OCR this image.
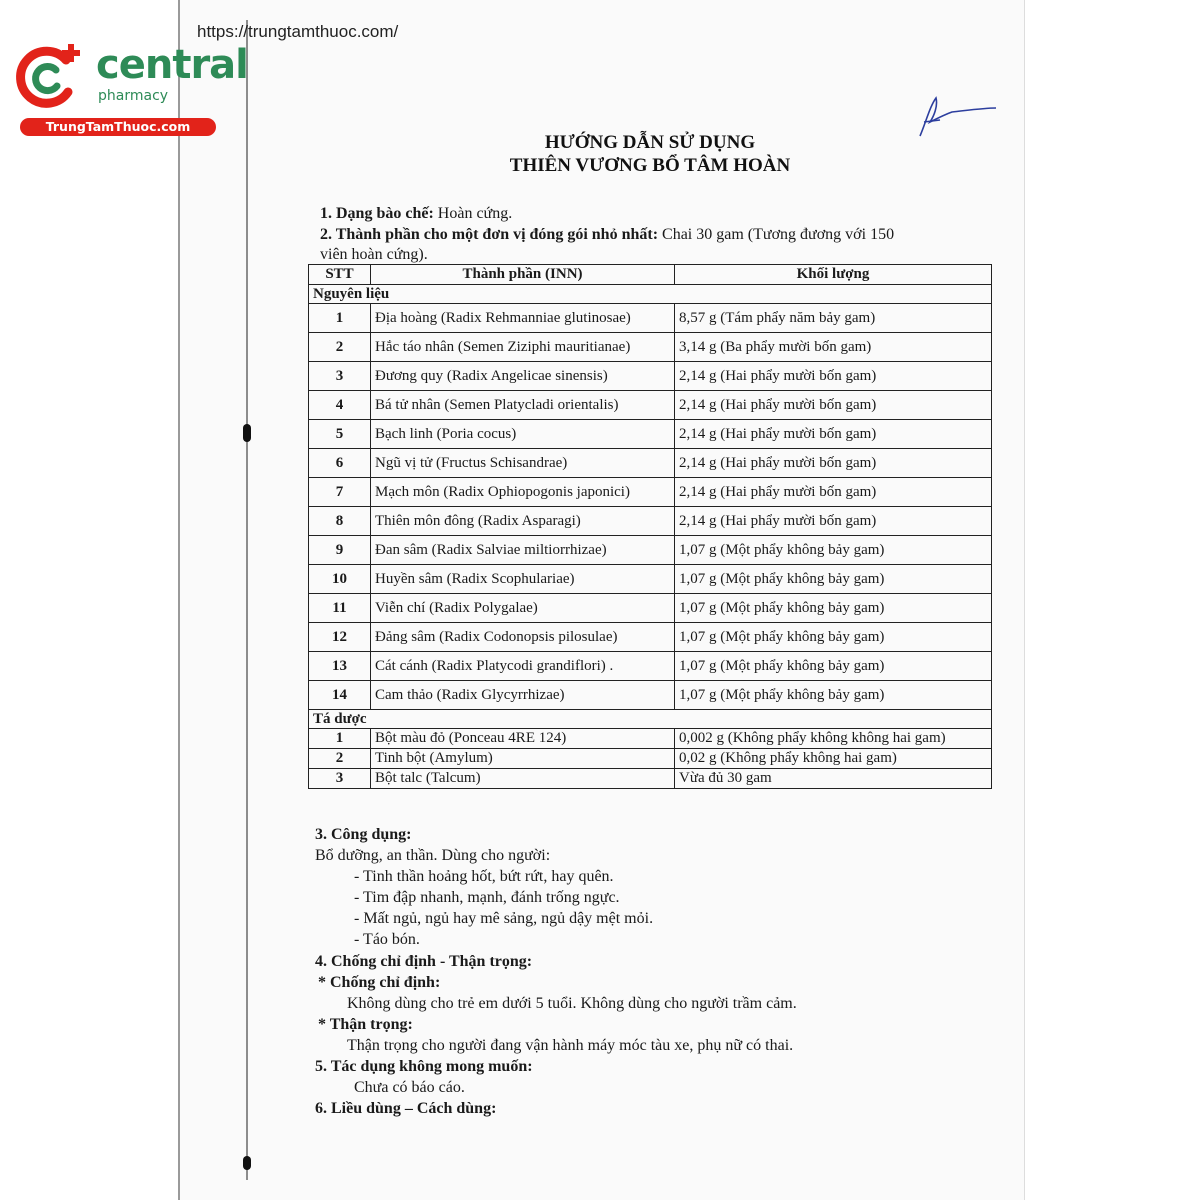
central
pharmacy
TrungTamThuoc.com
https://trungtamthuoc.com/
HƯỚNG DẪN SỬ DỤNG
THIÊN VƯƠNG BỔ TÂM HOÀN
1. Dạng bào chế: Hoàn cứng.
2. Thành phần cho một đơn vị đóng gói nhỏ nhất: Chai 30 gam (Tương đương với 150
viên hoàn cứng).
STT	Thành phần (INN)	Khối lượng
Nguyên liệu		
1	Địa hoàng (Radix Rehmanniae glutinosae)	8,57 g (Tám phẩy năm bảy gam)
2	Hắc táo nhân (Semen Ziziphi mauritianae)	3,14 g (Ba phẩy mười bốn gam)
3	Đương quy (Radix Angelicae sinensis)	2,14 g (Hai phẩy mười bốn gam)
4	Bá tử nhân (Semen Platycladi orientalis)	2,14 g (Hai phẩy mười bốn gam)
5	Bạch linh (Poria cocus)	2,14 g (Hai phẩy mười bốn gam)
6	Ngũ vị tử (Fructus Schisandrae)	2,14 g (Hai phẩy mười bốn gam)
7	Mạch môn (Radix Ophiopogonis japonici)	2,14 g (Hai phẩy mười bốn gam)
8	Thiên môn đông (Radix Asparagi)	2,14 g (Hai phẩy mười bốn gam)
9	Đan sâm (Radix Salviae miltiorrhizae)	1,07 g (Một phẩy không bảy gam)
10	Huyền sâm (Radix Scophulariae)	1,07 g (Một phẩy không bảy gam)
11	Viễn chí (Radix Polygalae)	1,07 g (Một phẩy không bảy gam)
12	Đảng sâm (Radix Codonopsis pilosulae)	1,07 g (Một phẩy không bảy gam)
13	Cát cánh (Radix Platycodi grandiflori) .	1,07 g (Một phẩy không bảy gam)
14	Cam thảo (Radix Glycyrrhizae)	1,07 g (Một phẩy không bảy gam)
Tá dược		
1	Bột màu đỏ (Ponceau 4RE 124)	0,002 g (Không phẩy không không hai gam)
2	Tinh bột (Amylum)	0,02 g (Không phẩy không hai gam)
3	Bột talc (Talcum)	Vừa đủ 30 gam
3. Công dụng:
Bổ dưỡng, an thần. Dùng cho người:
- Tinh thần hoảng hốt, bứt rứt, hay quên.
- Tim đập nhanh, mạnh, đánh trống ngực.
- Mất ngủ, ngủ hay mê sảng, ngủ dậy mệt mỏi.
- Táo bón.
4. Chống chỉ định - Thận trọng:
* Chống chỉ định:
Không dùng cho trẻ em dưới 5 tuổi. Không dùng cho người trầm cảm.
* Thận trọng:
Thận trọng cho người đang vận hành máy móc tàu xe, phụ nữ có thai.
5. Tác dụng không mong muốn:
Chưa có báo cáo.
6. Liều dùng – Cách dùng:
